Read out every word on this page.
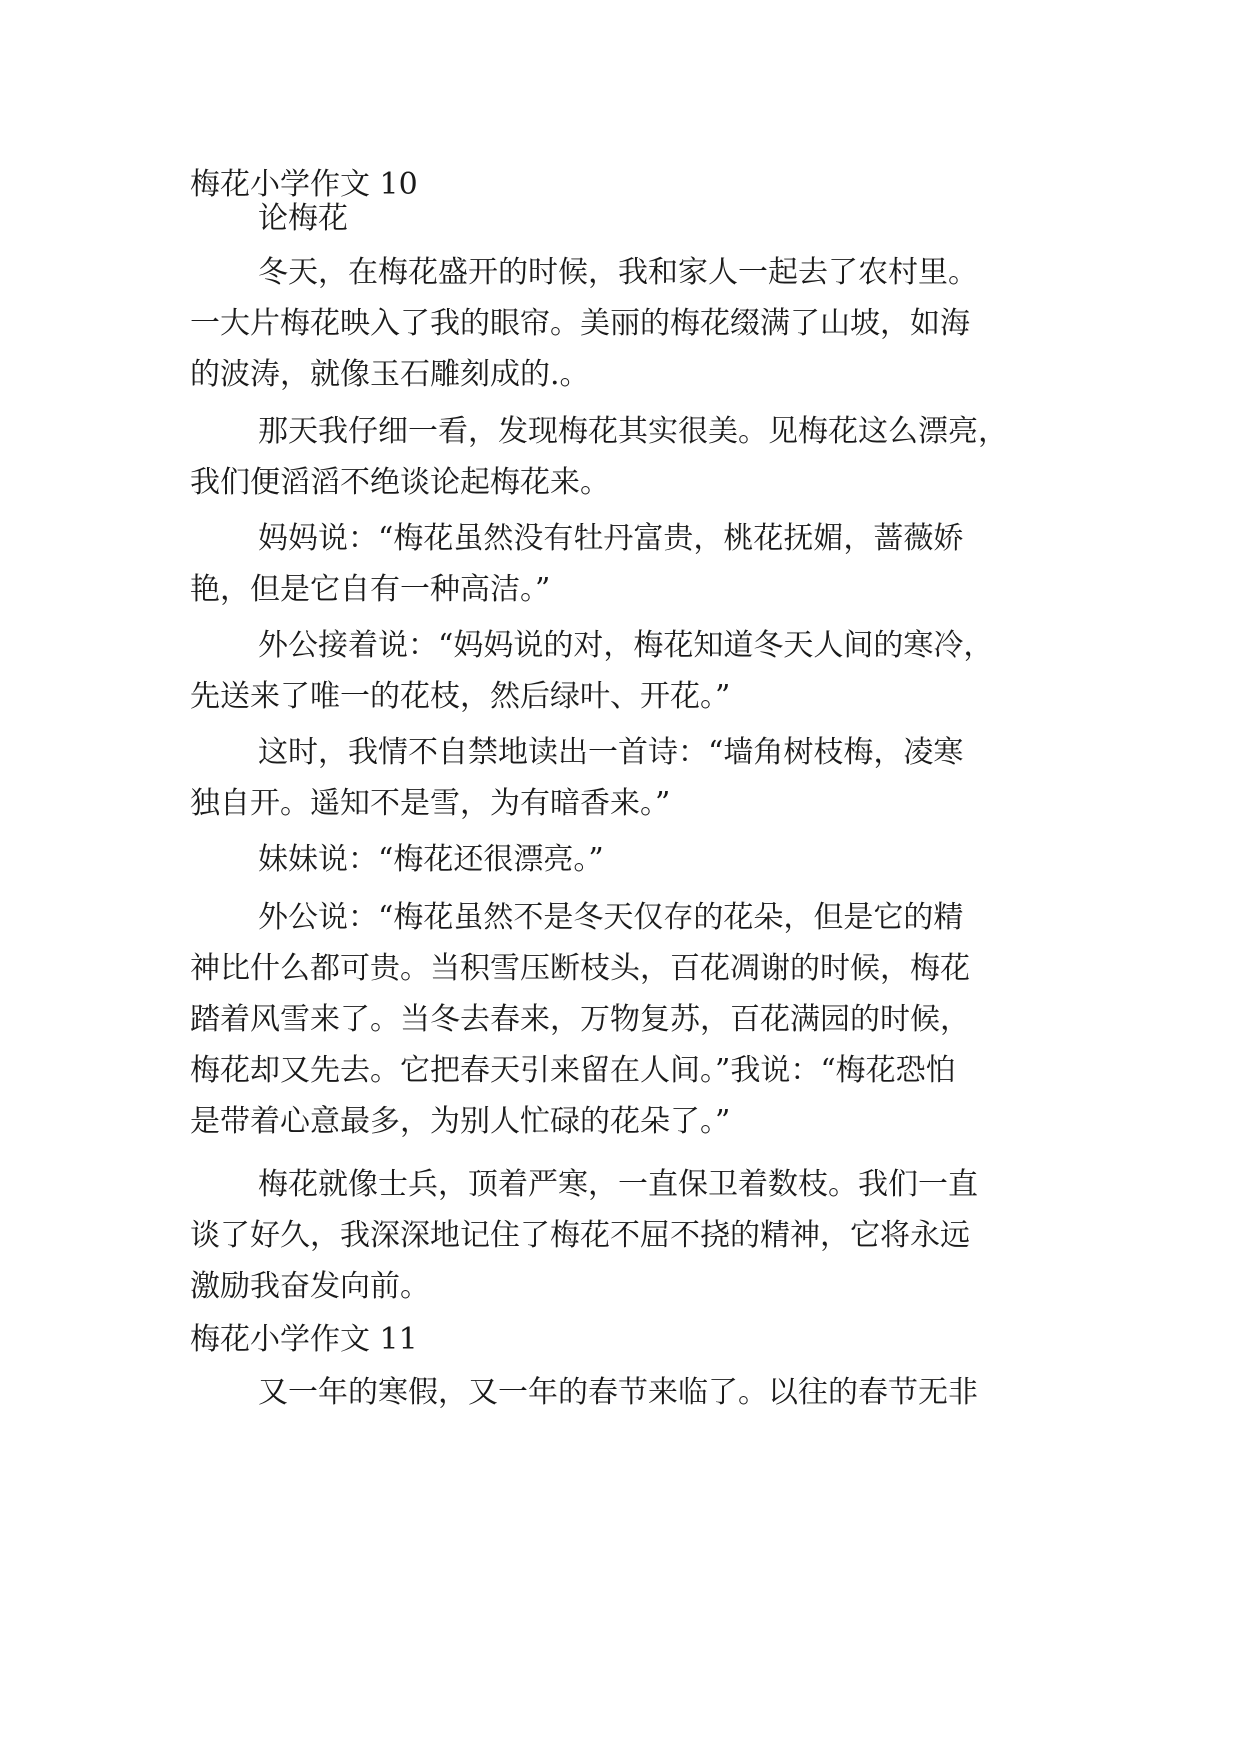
梅花小学作文 10
论梅花
冬天，在梅花盛开的时候，我和家人一起去了农村里。
一大片梅花映入了我的眼帘。美丽的梅花缀满了山坡，如海
的波涛，就像玉石雕刻成的.。
那天我仔细一看，发现梅花其实很美。见梅花这么漂亮，
我们便滔滔不绝谈论起梅花来。
妈妈说：“梅花虽然没有牡丹富贵，桃花抚媚，蔷薇娇
艳，但是它自有一种高洁。”
外公接着说：“妈妈说的对，梅花知道冬天人间的寒冷，
先送来了唯一的花枝，然后绿叶、开花。”
这时，我情不自禁地读出一首诗：“墙角树枝梅，凌寒
独自开。遥知不是雪，为有暗香来。”
妹妹说：“梅花还很漂亮。”
外公说：“梅花虽然不是冬天仅存的花朵，但是它的精
神比什么都可贵。当积雪压断枝头，百花凋谢的时候，梅花
踏着风雪来了。当冬去春来，万物复苏，百花满园的时候，
梅花却又先去。它把春天引来留在人间。”我说：“梅花恐怕
是带着心意最多，为别人忙碌的花朵了。”
梅花就像士兵，顶着严寒，一直保卫着数枝。我们一直
谈了好久，我深深地记住了梅花不屈不挠的精神，它将永远
激励我奋发向前。
梅花小学作文 11
又一年的寒假，又一年的春节来临了。以往的春节无非
